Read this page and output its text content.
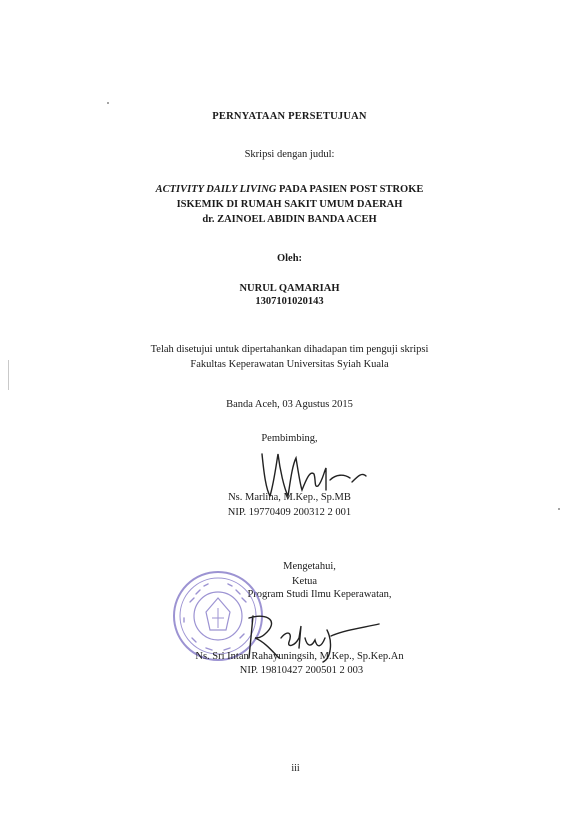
PERNYATAAN PERSETUJUAN
Skripsi dengan judul:
ACTIVITY DAILY LIVING PADA PASIEN POST STROKE
ISKEMIK DI RUMAH SAKIT UMUM DAERAH
dr. ZAINOEL ABIDIN BANDA ACEH
Oleh:
NURUL QAMARIAH
1307101020143
Telah disetujui untuk dipertahankan dihadapan tim penguji skripsi
Fakultas Keperawatan Universitas Syiah Kuala
Banda Aceh, 03 Agustus 2015
Pembimbing,
Ns. Marlina, M.Kep., Sp.MB
NIP. 19770409 200312 2 001
Mengetahui,
Ketua
Program Studi Ilmu Keperawatan,
Ns. Sri Intan Rahayuningsih, M.Kep., Sp.Kep.An
NIP. 19810427 200501 2 003
iii
